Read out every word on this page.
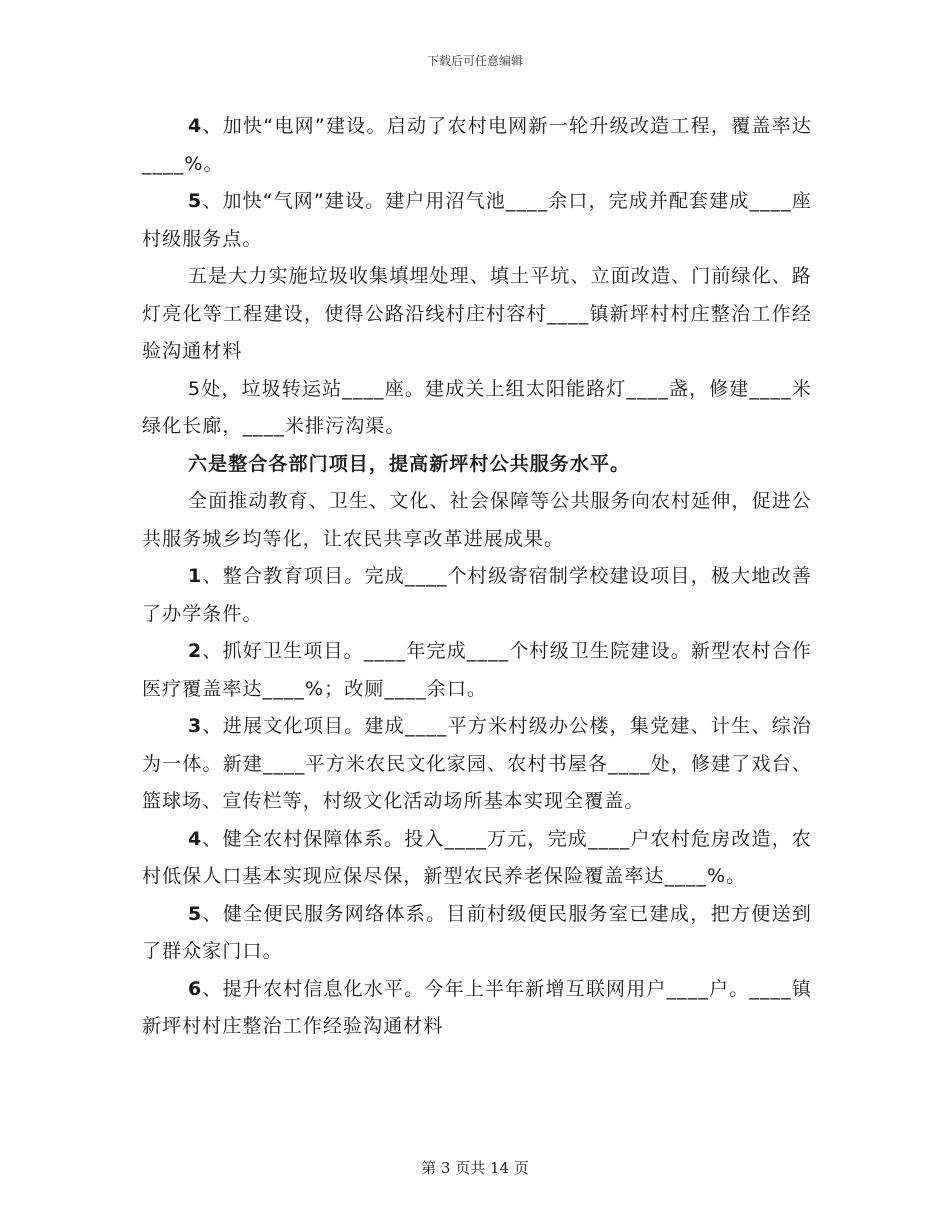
下载后可任意编辑

4、加快“电网”建设。启动了农村电网新一轮升级改造工程，覆盖率达____%。

5、加快“气网”建设。建户用沼气池____余口，完成并配套建成____座村级服务点。

五是大力实施垃圾收集填埋处理、填土平坑、立面改造、门前绿化、路灯亮化等工程建设，使得公路沿线村庄村容村____镇新坪村村庄整治工作经验沟通材料

5处，垃圾转运站____座。建成关上组太阳能路灯____盏，修建____米绿化长廊，____米排污沟渠。

六是整合各部门项目，提高新坪村公共服务水平。

全面推动教育、卫生、文化、社会保障等公共服务向农村延伸，促进公共服务城乡均等化，让农民共享改革进展成果。

1、整合教育项目。完成____个村级寄宿制学校建设项目，极大地改善了办学条件。

2、抓好卫生项目。____年完成____个村级卫生院建设。新型农村合作医疗覆盖率达____%；改厕____余口。

3、进展文化项目。建成____平方米村级办公楼，集党建、计生、综治为一体。新建____平方米农民文化家园、农村书屋各____处，修建了戏台、篮球场、宣传栏等，村级文化活动场所基本实现全覆盖。

4、健全农村保障体系。投入____万元，完成____户农村危房改造，农村低保人口基本实现应保尽保，新型农民养老保险覆盖率达____%。

5、健全便民服务网络体系。目前村级便民服务室已建成，把方便送到了群众家门口。

6、提升农村信息化水平。今年上半年新增互联网用户____户。____镇新坪村村庄整治工作经验沟通材料

第 3 页共 14 页
